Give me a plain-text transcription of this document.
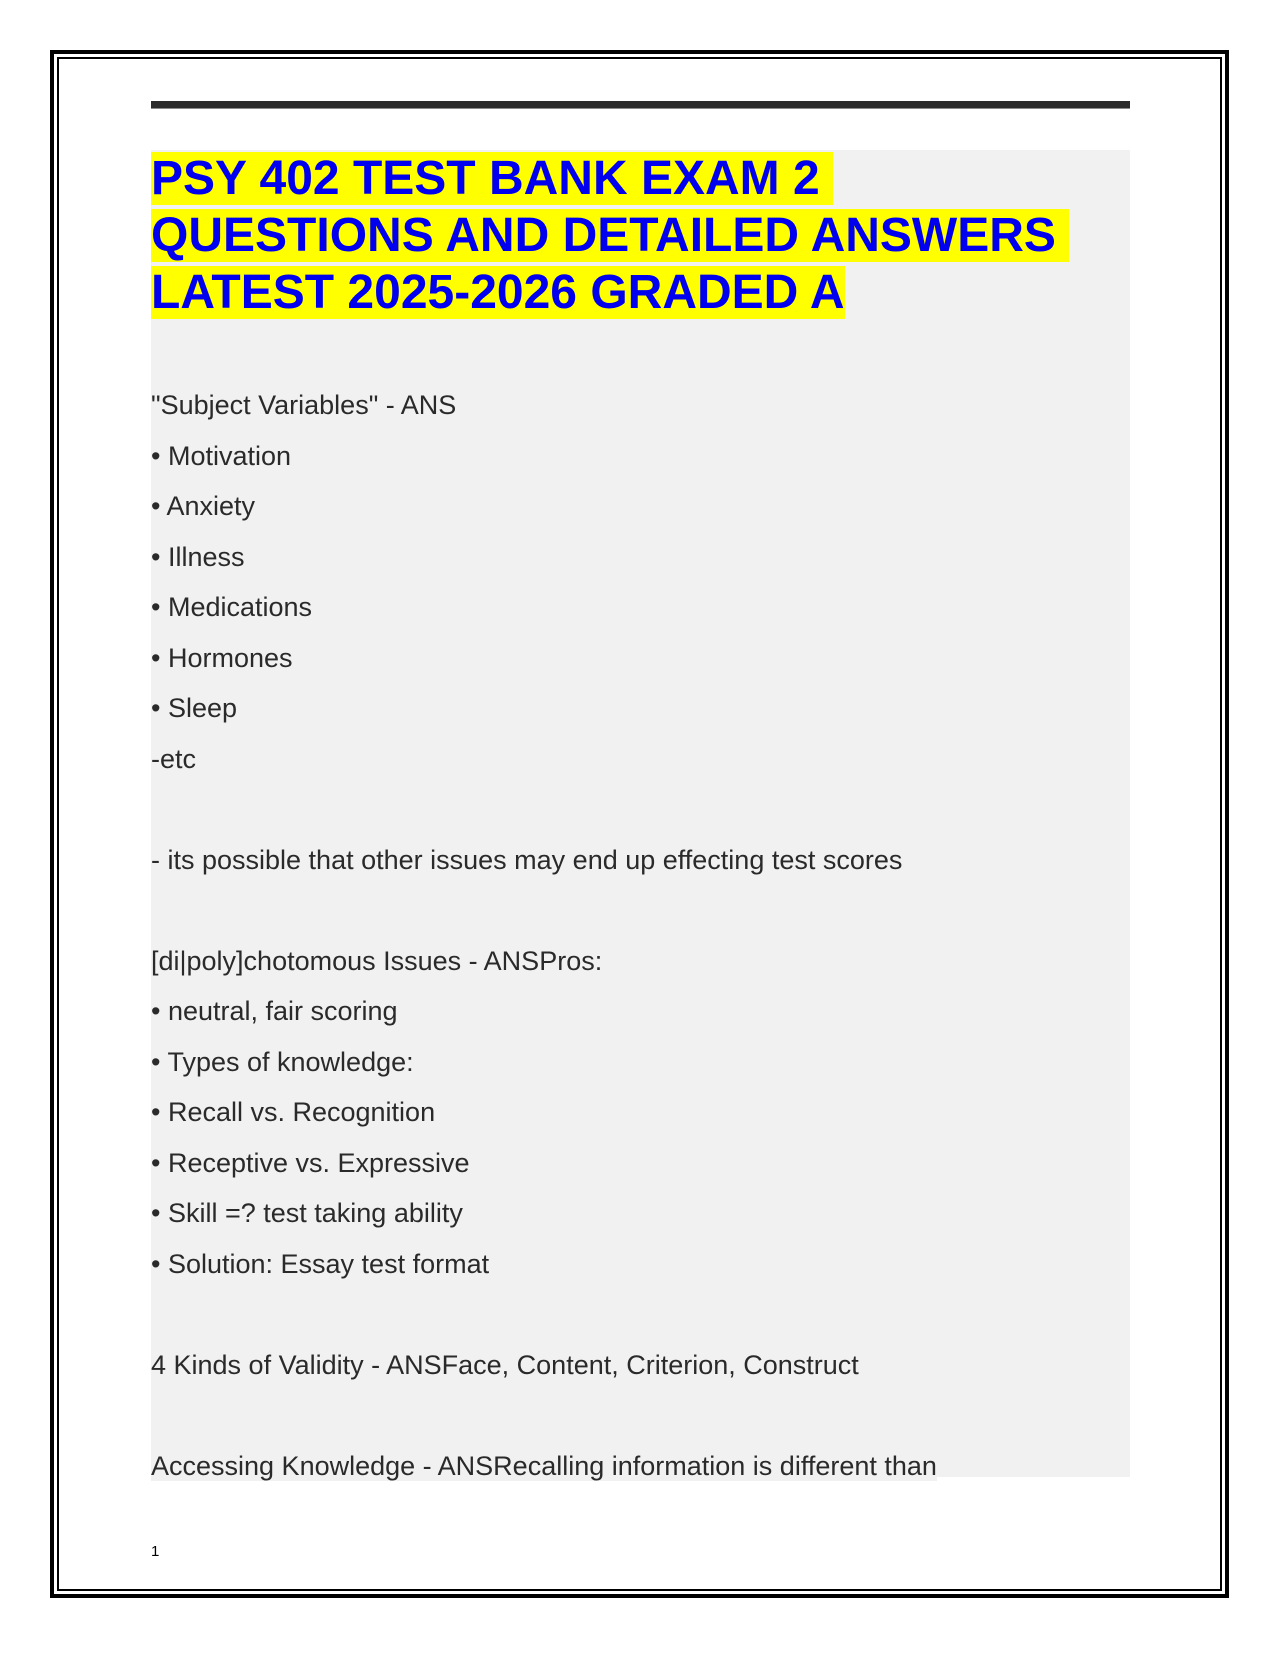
PSY 402 TEST BANK EXAM 2
QUESTIONS AND DETAILED ANSWERS
LATEST 2025-2026 GRADED A
"Subject Variables" - ANS
• Motivation
• Anxiety
• Illness
• Medications
• Hormones
• Sleep
-etc
- its possible that other issues may end up effecting test scores
[di|poly]chotomous Issues - ANSPros:
• neutral, fair scoring
• Types of knowledge:
• Recall vs. Recognition
• Receptive vs. Expressive
• Skill =? test taking ability
• Solution: Essay test format
4 Kinds of Validity - ANSFace, Content, Criterion, Construct
Accessing Knowledge - ANSRecalling information is different than
1
